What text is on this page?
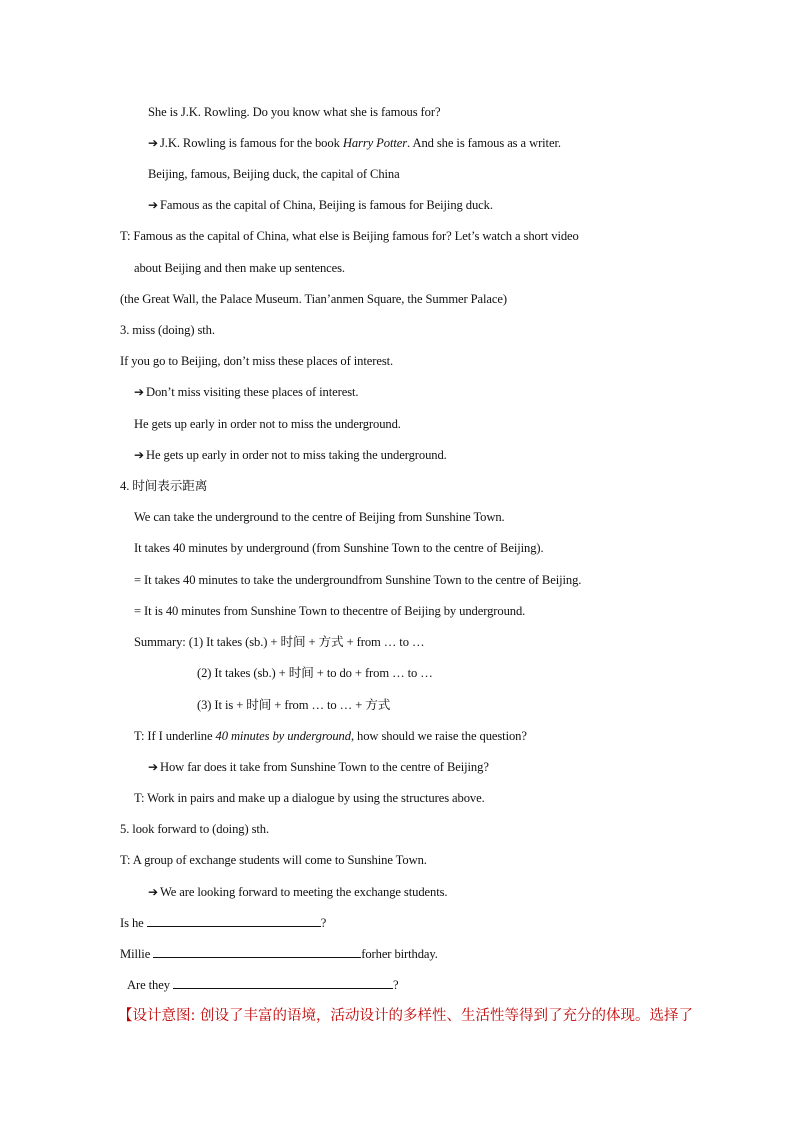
She is J.K. Rowling. Do you know what she is famous for?
➔ J.K. Rowling is famous for the book Harry Potter. And she is famous as a writer.
Beijing, famous, Beijing duck, the capital of China
➔ Famous as the capital of China, Beijing is famous for Beijing duck.
T: Famous as the capital of China, what else is Beijing famous for? Let’s watch a short video
about Beijing and then make up sentences.
(the Great Wall, the Palace Museum. Tian’anmen Square, the Summer Palace)
3. miss (doing) sth.
If you go to Beijing, don’t miss these places of interest.
➔ Don’t miss visiting these places of interest.
He gets up early in order not to miss the underground.
➔ He gets up early in order not to miss taking the underground.
4. 时间表示距离
We can take the underground to the centre of Beijing from Sunshine Town.
It takes 40 minutes by underground (from Sunshine Town to the centre of Beijing).
= It takes 40 minutes to take the undergroundfrom Sunshine Town to the centre of Beijing.
= It is 40 minutes from Sunshine Town to thecentre of Beijing by underground.
Summary: (1) It takes (sb.) + 时间 + 方式 + from … to …
(2) It takes (sb.) + 时间 + to do + from … to …
(3) It is + 时间 + from … to … + 方式
T: If I underline 40 minutes by underground, how should we raise the question?
➔ How far does it take from Sunshine Town to the centre of Beijing?
T: Work in pairs and make up a dialogue by using the structures above.
5. look forward to (doing) sth.
T: A group of exchange students will come to Sunshine Town.
➔ We are looking forward to meeting the exchange students.
Is he	?
Millie	forher birthday.
Are they	?
【设计意图: 创设了丰富的语境，活动设计的多样性、生活性等得到了充分的体现。选择了
